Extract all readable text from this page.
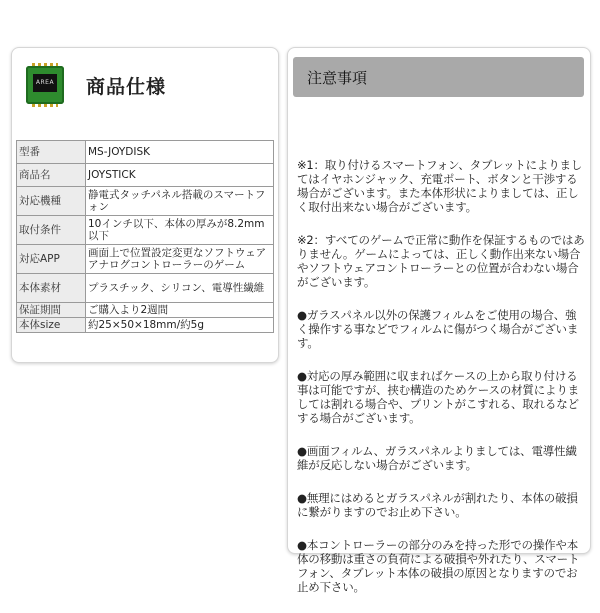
AREA 商品仕様
型番	MS-JOYDISK
商品名	JOYSTICK
対応機種	静電式タッチパネル搭載のスマートフォン
取付条件	10インチ以下、本体の厚みが8.2mm以下
対応APP	画面上で位置設定変更なソフトウェアアナログコントローラーのゲーム
本体素材	プラスチック、シリコン、電導性繊維
保証期間	ご購入より2週間
本体size	約25×50×18mm/約5g
注意事項

※1：取り付けるスマートフォン、タブレットによりましてはイヤホンジャック、充電ポート、ボタンと干渉する場合がございます。また本体形状によりましては、正しく取付出来ない場合がございます。

※2：すべてのゲームで正常に動作を保証するものではありません。ゲームによっては、正しく動作出来ない場合やソフトウェアコントローラーとの位置が合わない場合がございます。

●ガラスパネル以外の保護フィルムをご使用の場合、強く操作する事などでフィルムに傷がつく場合がございます。

●対応の厚み範囲に収まればケースの上から取り付ける事は可能ですが、挟む構造のためケースの材質によりましては割れる場合や、プリントがこすれる、取れるなどする場合がございます。

●画面フィルム、ガラスパネルよりましては、電導性繊維が反応しない場合がございます。

●無理にはめるとガラスパネルが割れたり、本体の破損に繋がりますのでお止め下さい。

●本コントローラーの部分のみを持った形での操作や本体の移動は重さの負荷による破損や外れたり、スマートフォン、タブレット本体の破損の原因となりますのでお止め下さい。
